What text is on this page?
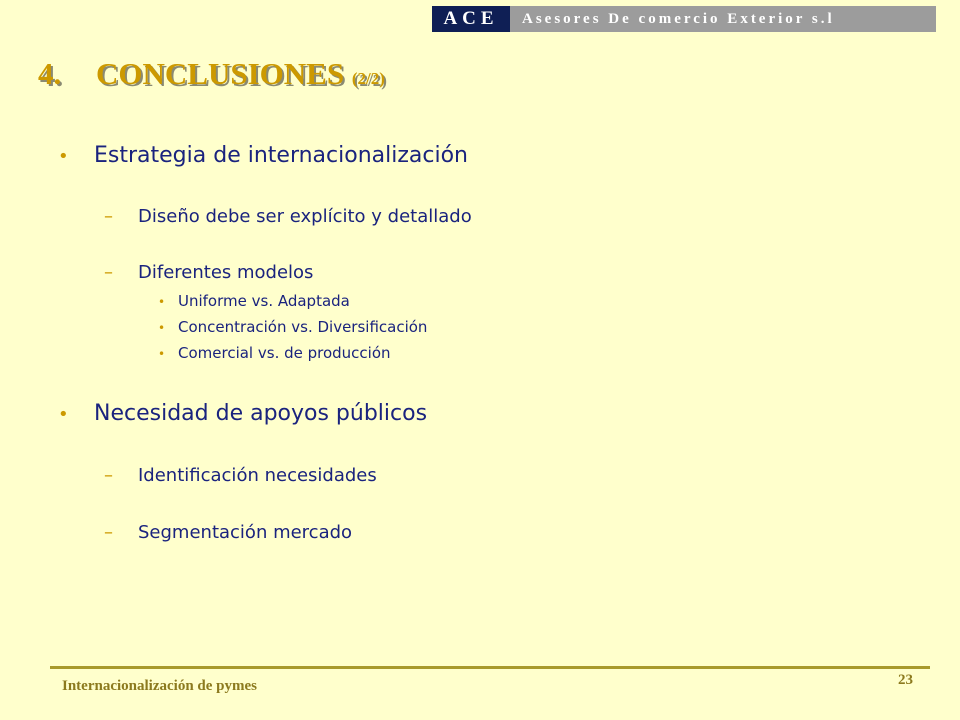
ACE	Asesores De comercio Exterior s.l
4. CONCLUSIONES (2/2)
• Estrategia de internacionalización
– Diseño debe ser explícito y detallado
– Diferentes modelos
• Uniforme vs. Adaptada
• Concentración vs. Diversificación
• Comercial vs. de producción
• Necesidad de apoyos públicos
– Identificación necesidades
– Segmentación mercado
Internacionalización de pymes	23
